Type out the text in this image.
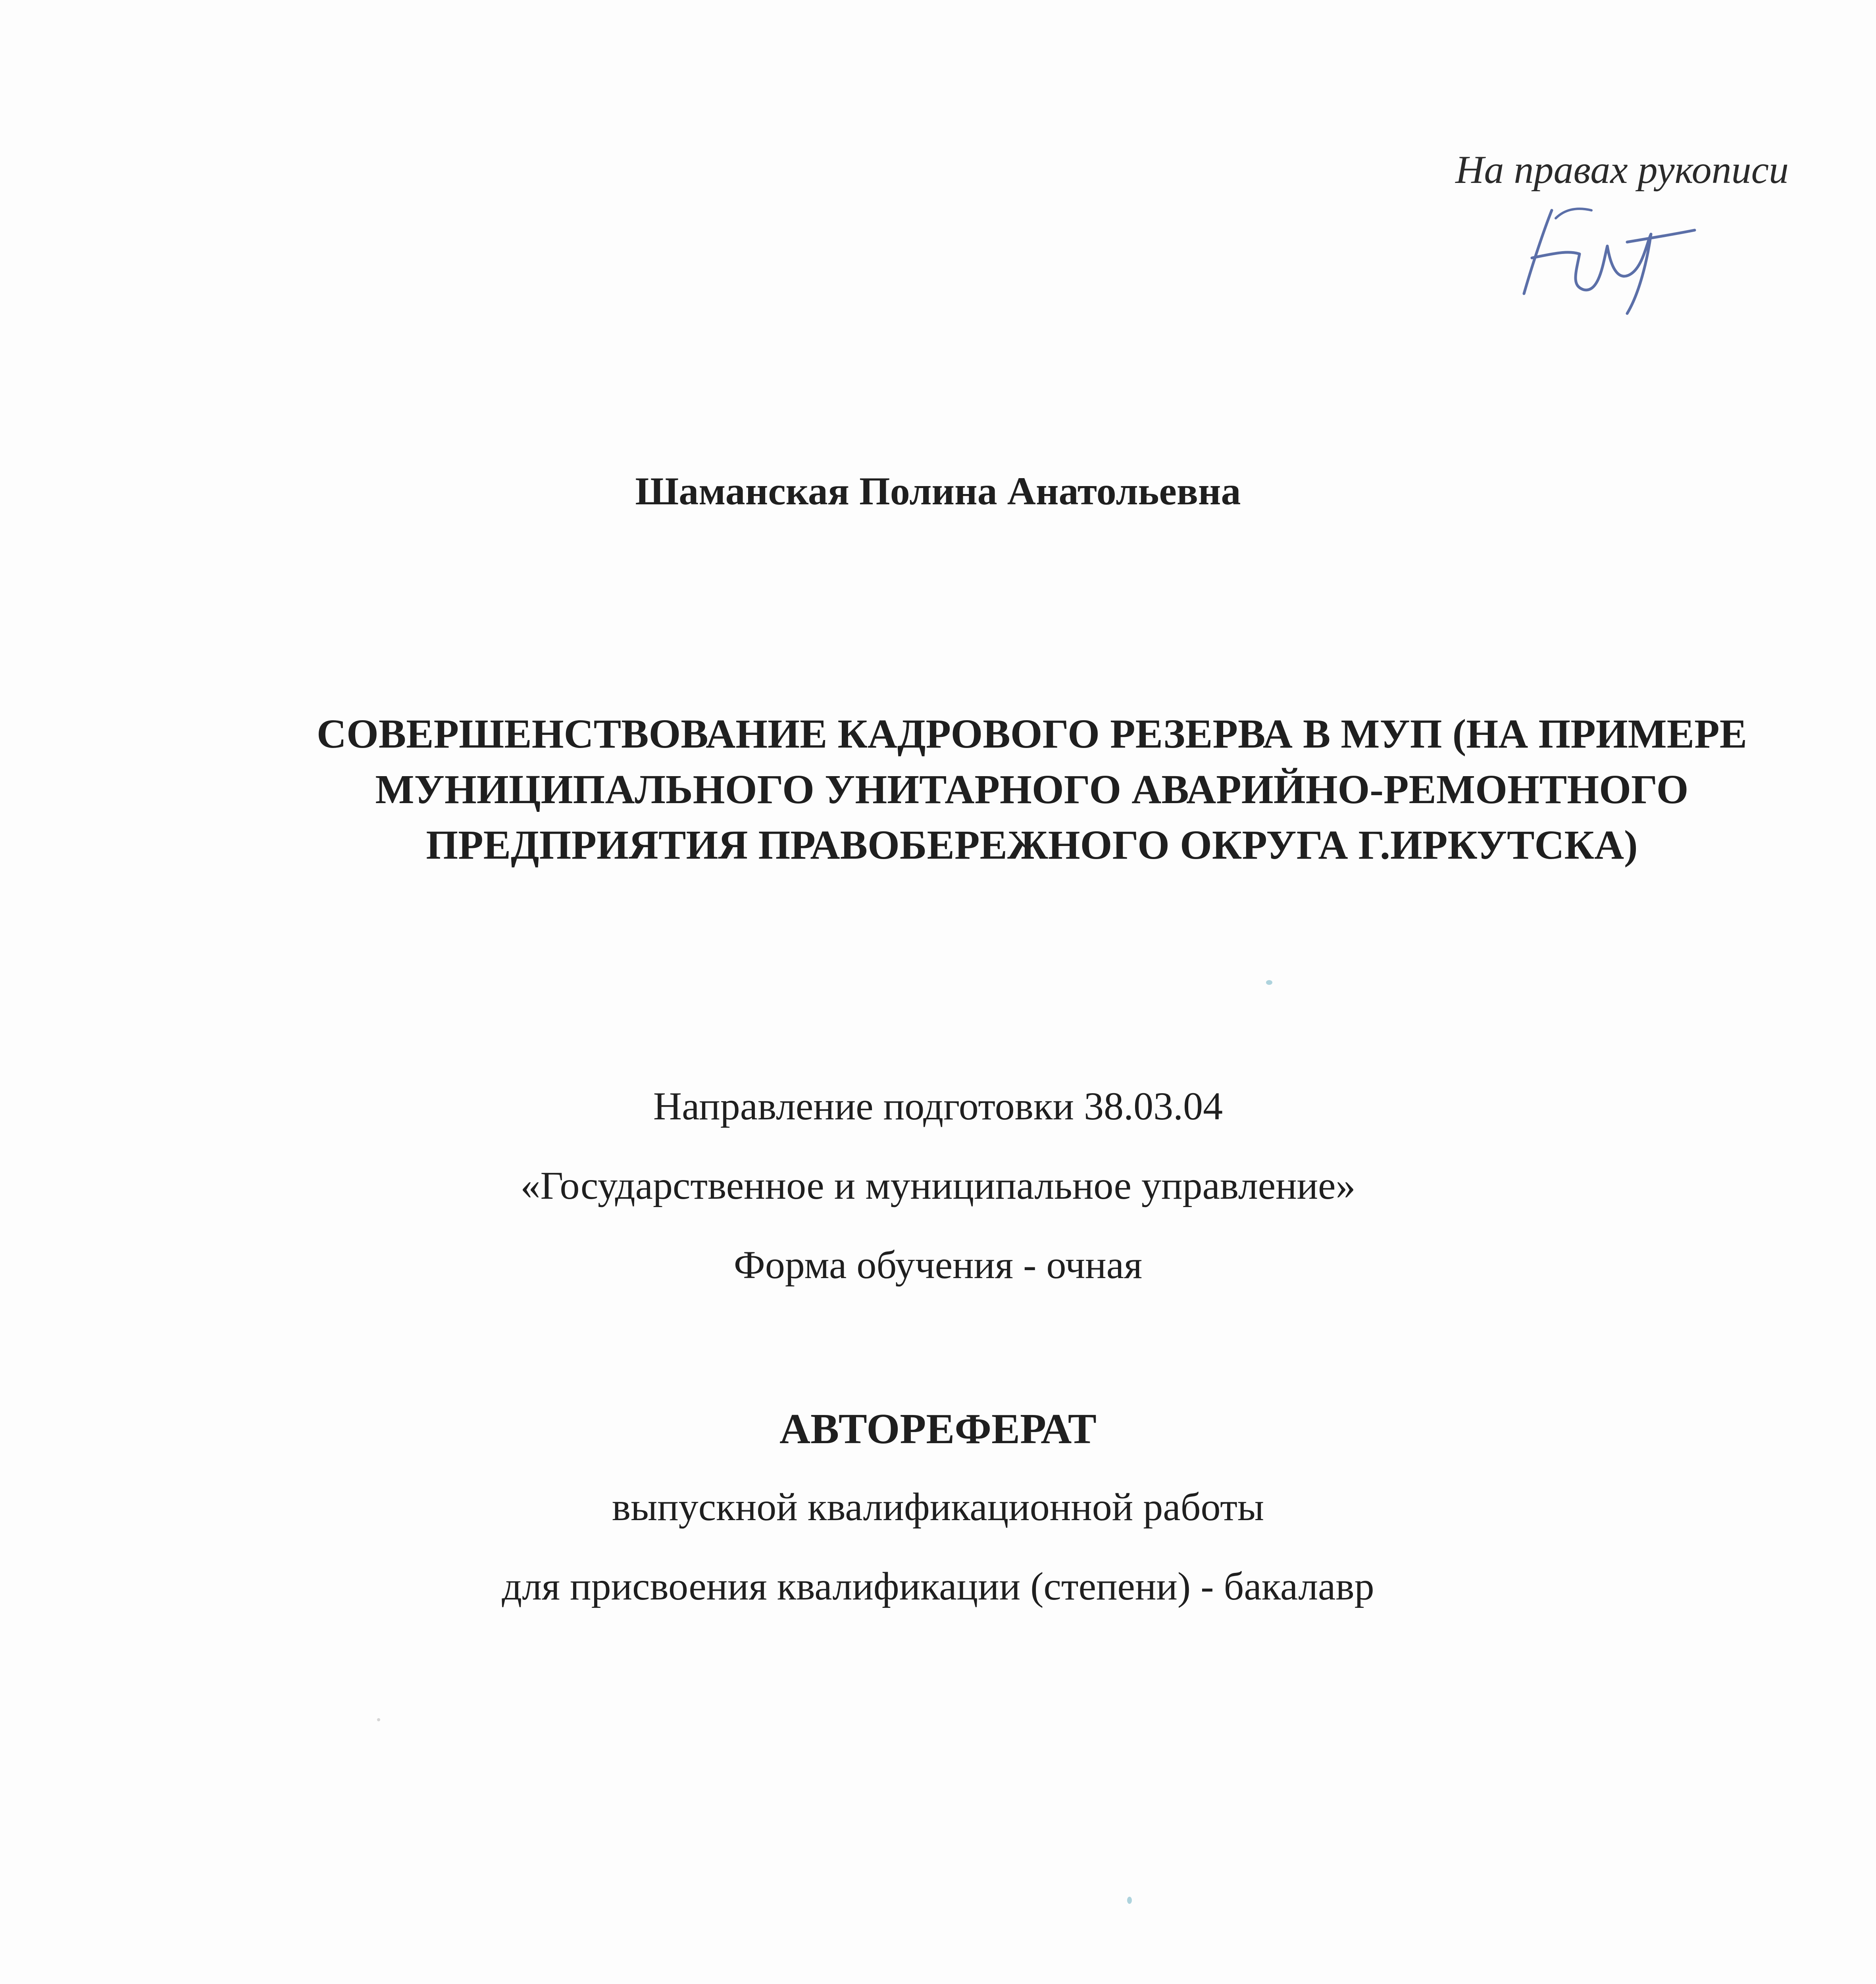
На правах рукописи

Шаманская Полина Анатольевна

СОВЕРШЕНСТВОВАНИЕ КАДРОВОГО РЕЗЕРВА В МУП (НА ПРИМЕРЕ МУНИЦИПАЛЬНОГО УНИТАРНОГО АВАРИЙНО-РЕМОНТНОГО ПРЕДПРИЯТИЯ ПРАВОБЕРЕЖНОГО ОКРУГА Г.ИРКУТСКА)

Направление подготовки 38.03.04

«Государственное и муниципальное управление»

Форма обучения - очная

АВТОРЕФЕРАТ

выпускной квалификационной работы

для присвоения квалификации (степени) - бакалавр
